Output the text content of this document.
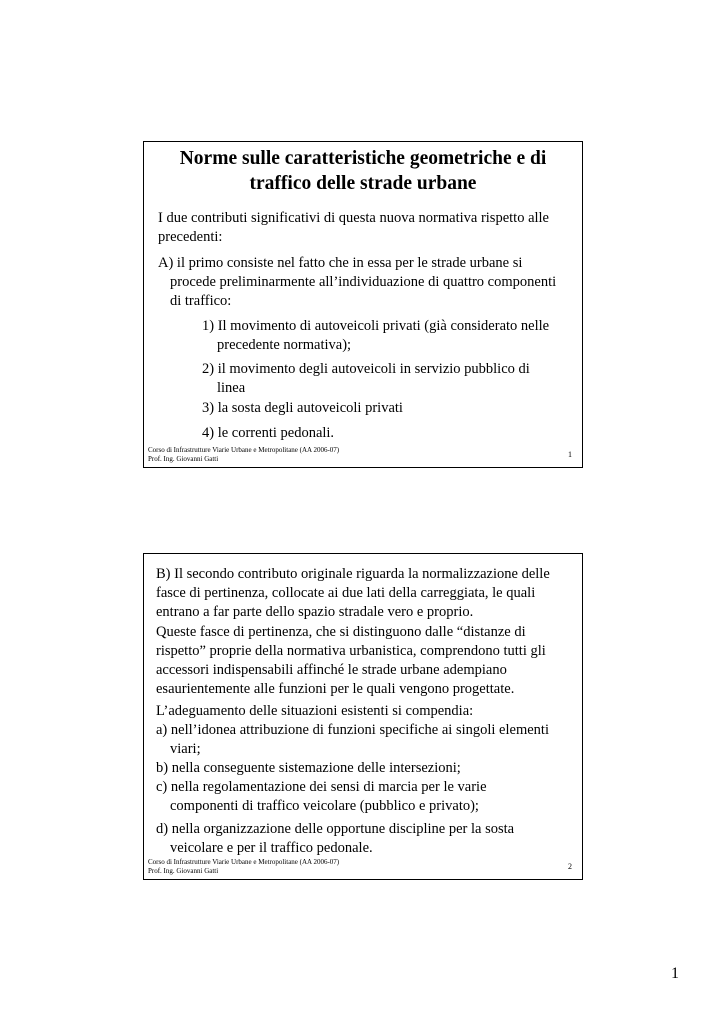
Norme sulle caratteristiche geometriche e di
traffico delle strade urbane
I due contributi significativi di questa nuova normativa rispetto alle
precedenti:
A) il primo consiste nel fatto che in essa per le strade urbane si
procede preliminarmente all’individuazione di quattro componenti
di traffico:
1) Il movimento di autoveicoli privati (già considerato nelle
precedente normativa);
2) il movimento degli autoveicoli in servizio pubblico di
linea
3) la sosta degli autoveicoli privati
4) le correnti pedonali.
Corso di Infrastrutture Viarie Urbane e Metropolitane (AA 2006-07)
Prof. Ing. Giovanni Gatti	1
B) Il secondo contributo originale riguarda la normalizzazione delle
fasce di pertinenza, collocate ai due lati della carreggiata, le quali
entrano a far parte dello spazio stradale vero e proprio.
Queste fasce di pertinenza, che si distinguono dalle “distanze di
rispetto” proprie della normativa urbanistica, comprendono tutti gli
accessori indispensabili affinché le strade urbane adempiano
esaurientemente alle funzioni per le quali vengono progettate.
L’adeguamento delle situazioni esistenti si compendia:
a) nell’idonea attribuzione di funzioni specifiche ai singoli elementi
viari;
b) nella conseguente sistemazione delle intersezioni;
c) nella regolamentazione dei sensi di marcia per le varie
componenti di traffico veicolare (pubblico e privato);
d) nella organizzazione delle opportune discipline per la sosta
veicolare e per il traffico pedonale.
Corso di Infrastrutture Viarie Urbane e Metropolitane (AA 2006-07)
Prof. Ing. Giovanni Gatti	2
1
